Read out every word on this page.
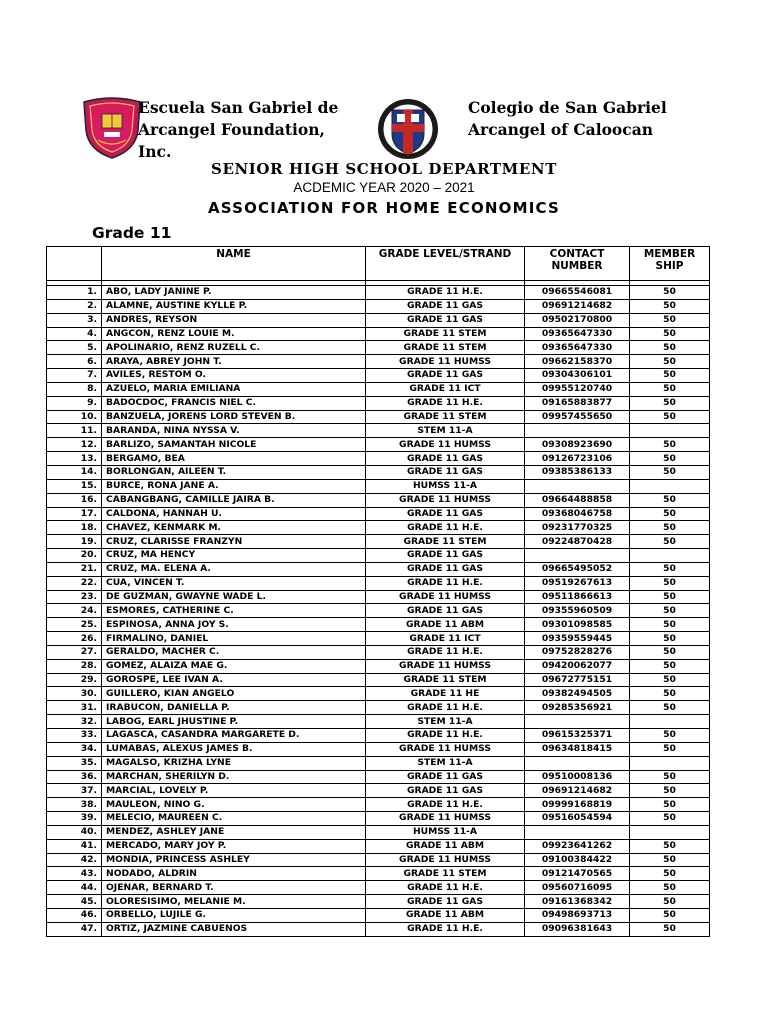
Escuela San Gabriel de
Arcangel Foundation, Inc.
Colegio de San Gabriel
Arcangel of Caloocan
SENIOR HIGH SCHOOL DEPARTMENT
ACDEMIC YEAR 2020 – 2021
ASSOCIATION FOR HOME ECONOMICS
Grade 11
	NAME	GRADE LEVEL/STRAND	CONTACT NUMBER	MEMBER SHIP

1.	ABO, LADY JANINE P.	GRADE 11 H.E.	09665546081	50
2.	ALAMNE, AUSTINE KYLLE P.	GRADE 11 GAS	09691214682	50
3.	ANDRES, REYSON	GRADE 11 GAS	09502170800	50
4.	ANGCON, RENZ LOUIE M.	GRADE 11 STEM	09365647330	50
5.	APOLINARIO, RENZ RUZELL C.	GRADE 11 STEM	09365647330	50
6.	ARAYA, ABREY JOHN T.	GRADE 11 HUMSS	09662158370	50
7.	AVILES, RESTOM O.	GRADE 11 GAS	09304306101	50
8.	AZUELO, MARIA EMILIANA	GRADE 11 ICT	09955120740	50
9.	BADOCDOC, FRANCIS NIEL C.	GRADE 11 H.E.	09165883877	50
10.	BANZUELA, JORENS LORD STEVEN B.	GRADE 11 STEM	09957455650	50
11.	BARANDA, NINA NYSSA V.	STEM 11-A		
12.	BARLIZO, SAMANTAH NICOLE	GRADE 11 HUMSS	09308923690	50
13.	BERGAMO, BEA	GRADE 11 GAS	09126723106	50
14.	BORLONGAN, AILEEN T.	GRADE 11 GAS	09385386133	50
15.	BURCE, RONA JANE A.	HUMSS 11-A		
16.	CABANGBANG, CAMILLE JAIRA B.	GRADE 11 HUMSS	09664488858	50
17.	CALDONA, HANNAH U.	GRADE 11 GAS	09368046758	50
18.	CHAVEZ, KENMARK M.	GRADE 11 H.E.	09231770325	50
19.	CRUZ, CLARISSE FRANZYN	GRADE 11 STEM	09224870428	50
20.	CRUZ, MA HENCY	GRADE 11 GAS		
21.	CRUZ, MA. ELENA A.	GRADE 11 GAS	09665495052	50
22.	CUA, VINCEN T.	GRADE 11 H.E.	09519267613	50
23.	DE GUZMAN, GWAYNE WADE L.	GRADE 11 HUMSS	09511866613	50
24.	ESMORES, CATHERINE C.	GRADE 11 GAS	09355960509	50
25.	ESPINOSA, ANNA JOY S.	GRADE 11 ABM	09301098585	50
26.	FIRMALINO, DANIEL	GRADE 11 ICT	09359559445	50
27.	GERALDO, MACHER C.	GRADE 11 H.E.	09752828276	50
28.	GOMEZ, ALAIZA MAE G.	GRADE 11 HUMSS	09420062077	50
29.	GOROSPE, LEE IVAN A.	GRADE 11 STEM	09672775151	50
30.	GUILLERO, KIAN ANGELO	GRADE 11 HE	09382494505	50
31.	IRABUCON, DANIELLA P.	GRADE 11 H.E.	09285356921	50
32.	LABOG, EARL JHUSTINE P.	STEM 11-A		
33.	LAGASCA, CASANDRA MARGARETE D.	GRADE 11 H.E.	09615325371	50
34.	LUMABAS, ALEXUS JAMES B.	GRADE 11 HUMSS	09634818415	50
35.	MAGALSO, KRIZHA LYNE	STEM 11-A		
36.	MARCHAN, SHERILYN D.	GRADE 11 GAS	09510008136	50
37.	MARCIAL, LOVELY P.	GRADE 11 GAS	09691214682	50
38.	MAULEON, NINO G.	GRADE 11 H.E.	09999168819	50
39.	MELECIO, MAUREEN C.	GRADE 11 HUMSS	09516054594	50
40.	MENDEZ, ASHLEY JANE	HUMSS 11-A		
41.	MERCADO, MARY JOY P.	GRADE 11 ABM	09923641262	50
42.	MONDIA, PRINCESS ASHLEY	GRADE 11 HUMSS	09100384422	50
43.	NODADO, ALDRIN	GRADE 11 STEM	09121470565	50
44.	OJENAR, BERNARD T.	GRADE 11 H.E.	09560716095	50
45.	OLORESISIMO, MELANIE M.	GRADE 11 GAS	09161368342	50
46.	ORBELLO, LUJILE G.	GRADE 11 ABM	09498693713	50
47.	ORTIZ, JAZMINE CABUENOS	GRADE 11 H.E.	09096381643	50
